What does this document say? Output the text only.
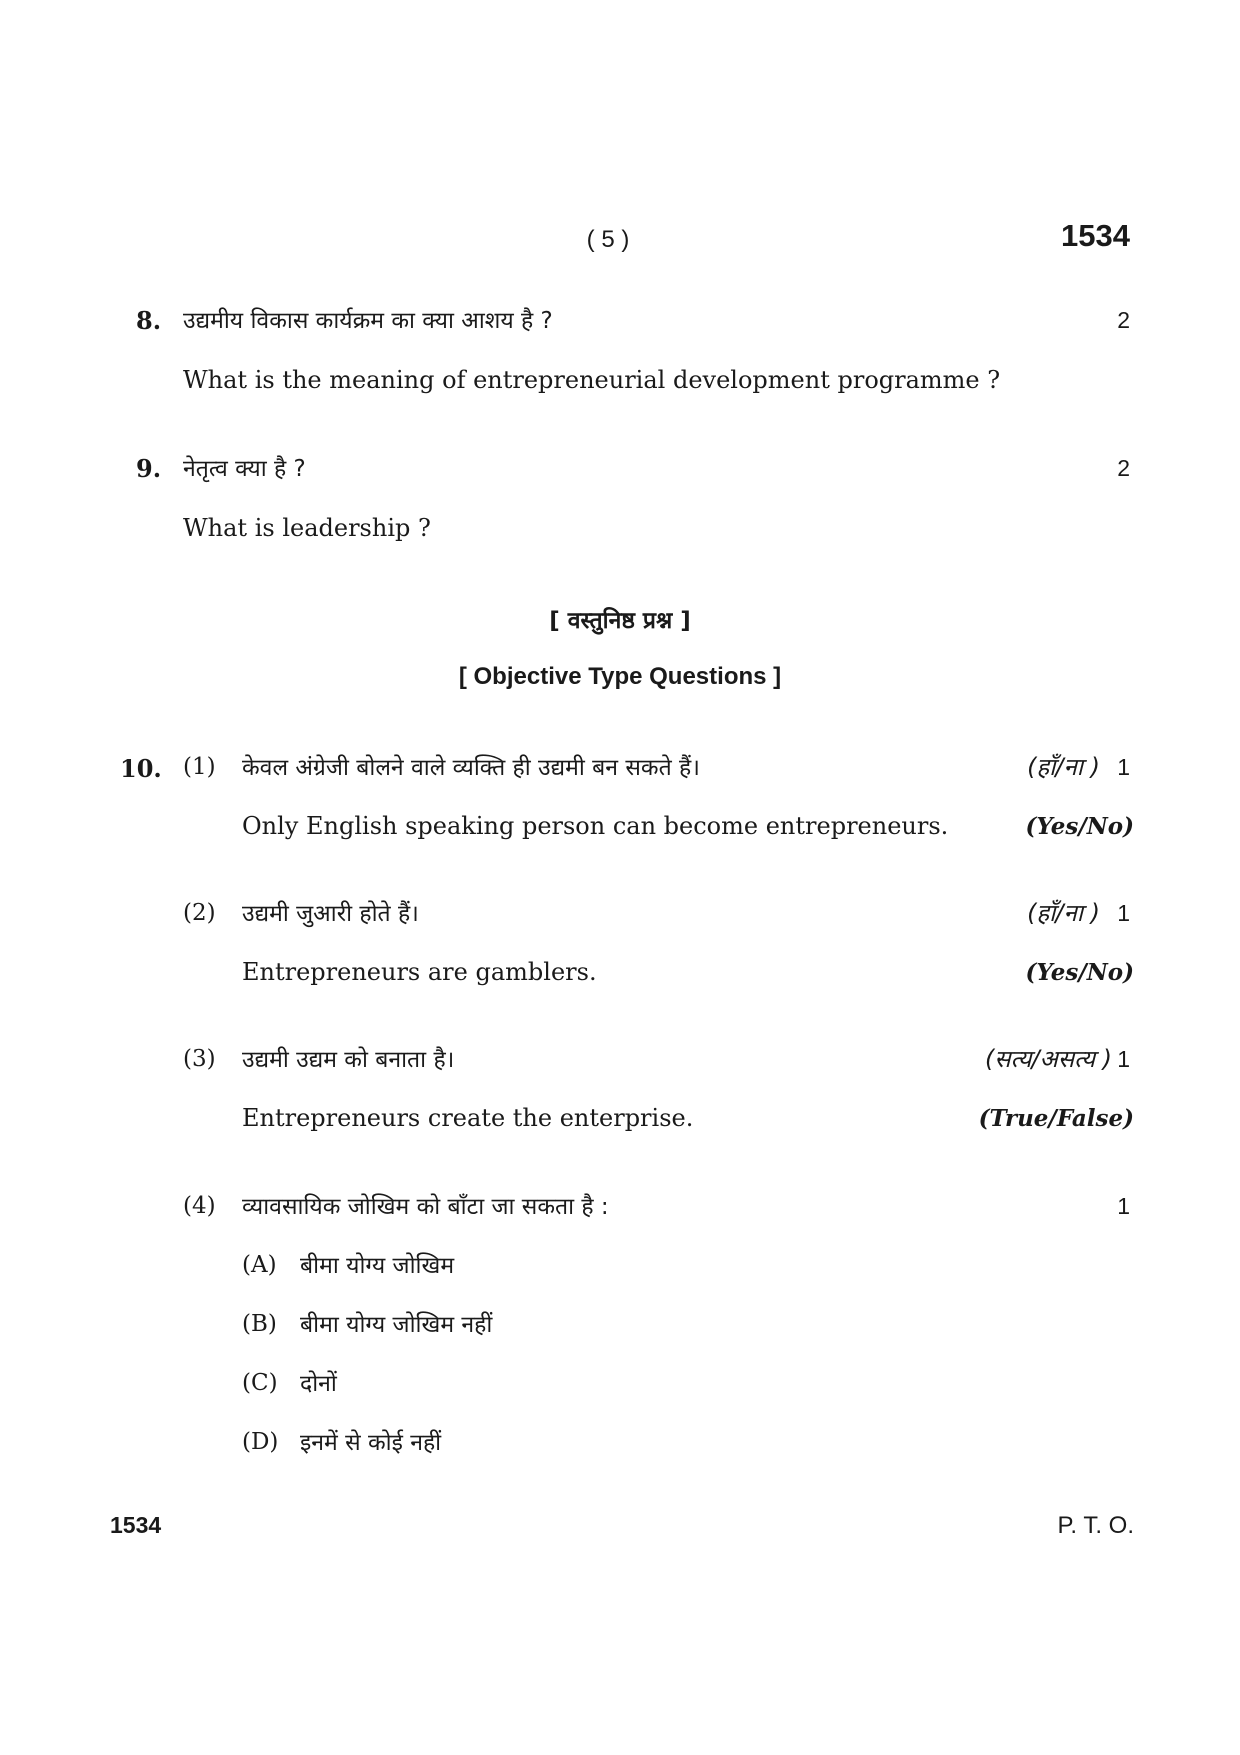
( 5 )	1534
8. उद्यमीय विकास कार्यक्रम का क्या आशय है ?	2
What is the meaning of entrepreneurial development programme ?
9. नेतृत्व क्या है ?	2
What is leadership ?
[ वस्तुनिष्ठ प्रश्न ]
[ Objective Type Questions ]
10. (1) केवल अंग्रेजी बोलने वाले व्यक्ति ही उद्यमी बन सकते हैं।	(हाँ/ना ) 1
Only English speaking person can become entrepreneurs.	(Yes/No)
(2) उद्यमी जुआरी होते हैं।	(हाँ/ना ) 1
Entrepreneurs are gamblers.	(Yes/No)
(3) उद्यमी उद्यम को बनाता है।	(सत्य/असत्य ) 1
Entrepreneurs create the enterprise.	(True/False)
(4) व्यावसायिक जोखिम को बाँटा जा सकता है :	1
(A) बीमा योग्य जोखिम
(B) बीमा योग्य जोखिम नहीं
(C) दोनों
(D) इनमें से कोई नहीं
1534	P. T. O.
